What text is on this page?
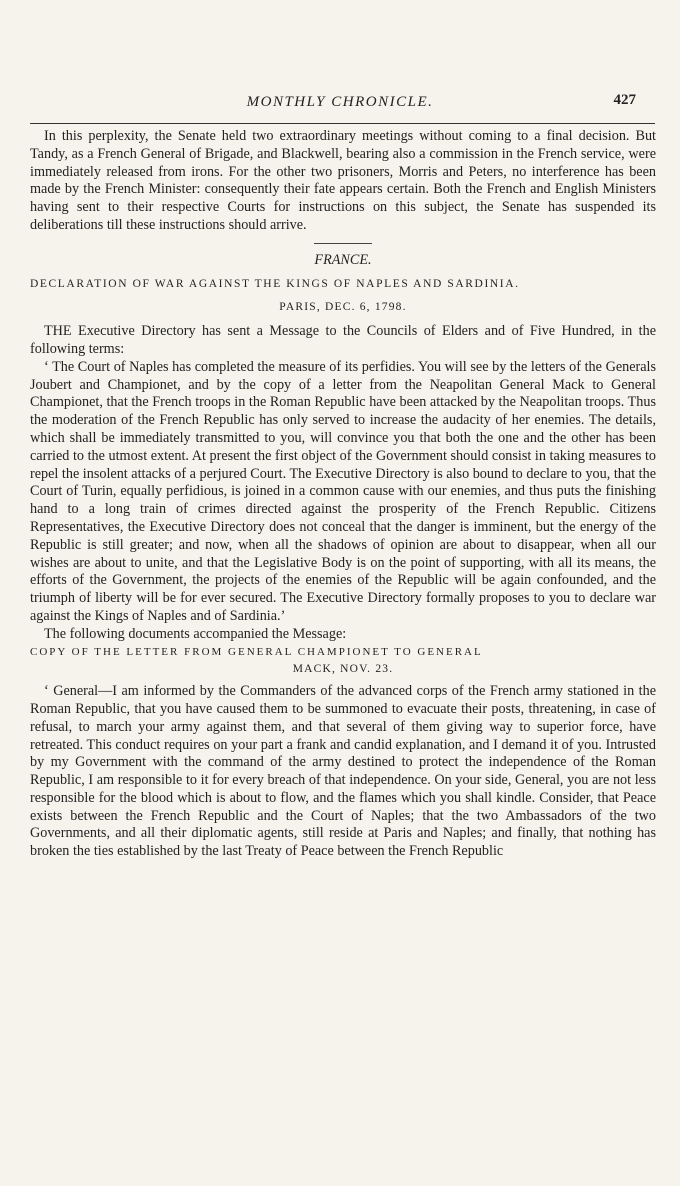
MONTHLY CHRONICLE.	427

In this perplexity, the Senate held two extraordinary meetings without coming to a final decision. But Tandy, as a French General of Brigade, and Blackwell, bearing also a commission in the French service, were immediately released from irons. For the other two prisoners, Morris and Peters, no interference has been made by the French Minister: consequently their fate appears certain. Both the French and English Ministers having sent to their respective Courts for instructions on this subject, the Senate has suspended its deliberations till these instructions should arrive.

FRANCE.

DECLARATION OF WAR AGAINST THE KINGS OF NAPLES AND SARDINIA.

PARIS, DEC. 6, 1798.

THE Executive Directory has sent a Message to the Councils of Elders and of Five Hundred, in the following terms:

‘ The Court of Naples has completed the measure of its perfidies. You will see by the letters of the Generals Joubert and Championet, and by the copy of a letter from the Neapolitan General Mack to General Championet, that the French troops in the Roman Republic have been attacked by the Neapolitan troops. Thus the moderation of the French Republic has only served to increase the audacity of her enemies. The details, which shall be immediately transmitted to you, will convince you that both the one and the other has been carried to the utmost extent. At present the first object of the Government should consist in taking measures to repel the insolent attacks of a perjured Court. The Executive Directory is also bound to declare to you, that the Court of Turin, equally perfidious, is joined in a common cause with our enemies, and thus puts the finishing hand to a long train of crimes directed against the prosperity of the French Republic. Citizens Representatives, the Executive Directory does not conceal that the danger is imminent, but the energy of the Republic is still greater; and now, when all the shadows of opinion are about to disappear, when all our wishes are about to unite, and that the Legislative Body is on the point of supporting, with all its means, the efforts of the Government, the projects of the enemies of the Republic will be again confounded, and the triumph of liberty will be for ever secured. The Executive Directory formally proposes to you to declare war against the Kings of Naples and of Sardinia.’

The following documents accompanied the Message:

COPY OF THE LETTER FROM GENERAL CHAMPIONET TO GENERAL

MACK, NOV. 23.

‘ General—I am informed by the Commanders of the advanced corps of the French army stationed in the Roman Republic, that you have caused them to be summoned to evacuate their posts, threatening, in case of refusal, to march your army against them, and that several of them giving way to superior force, have retreated. This conduct requires on your part a frank and candid explanation, and I demand it of you. Intrusted by my Government with the command of the army destined to protect the independence of the Roman Republic, I am responsible to it for every breach of that independence. On your side, General, you are not less responsible for the blood which is about to flow, and the flames which you shall kindle. Consider, that Peace exists between the French Republic and the Court of Naples; that the two Ambassadors of the two Governments, and all their diplomatic agents, still reside at Paris and Naples; and finally, that nothing has broken the ties established by the last Treaty of Peace between the French Republic
